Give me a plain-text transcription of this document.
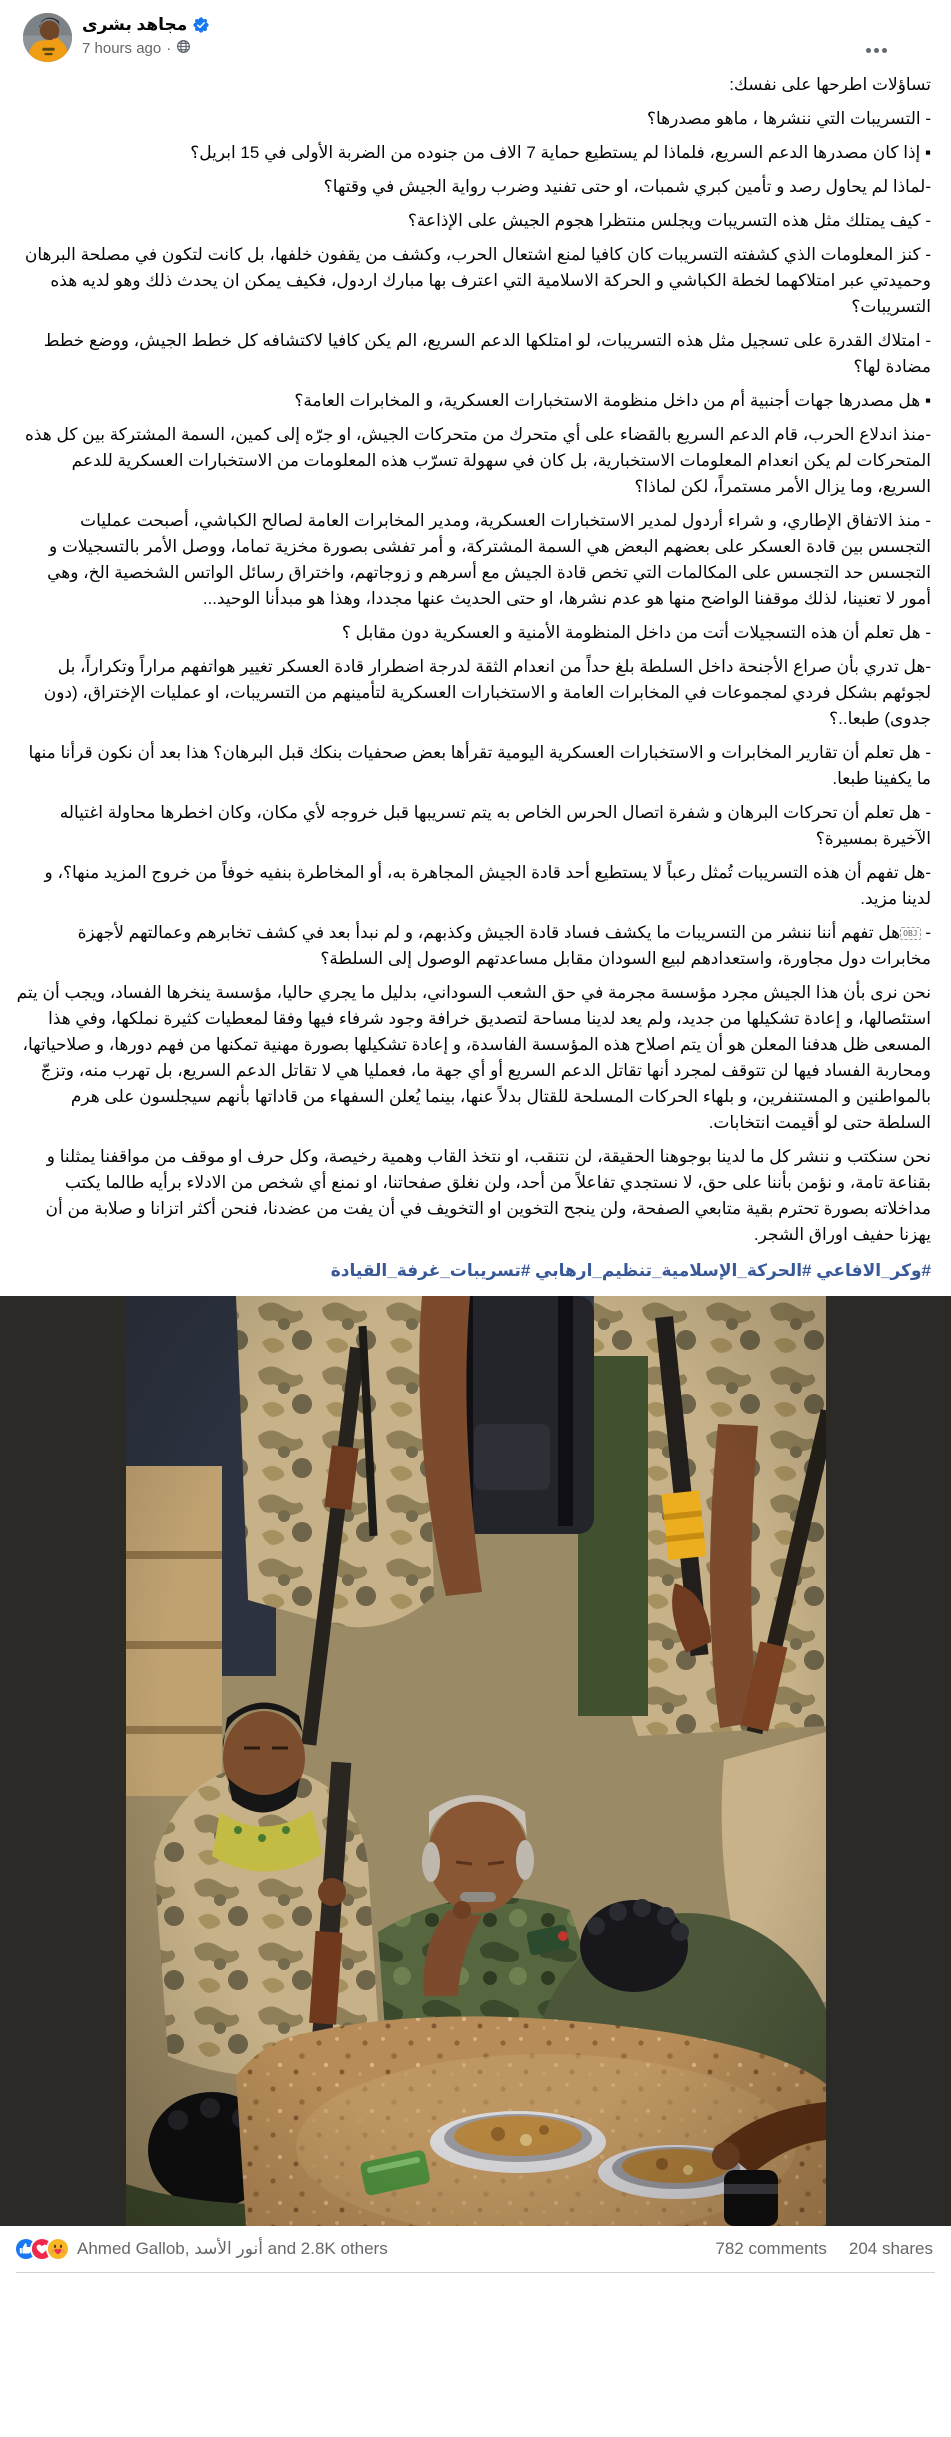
مجاهد بشرى
7 hours ago ·

تساؤلات اطرحها على نفسك:

- التسريبات التي ننشرها ، ماهو مصدرها؟

▪ إذا كان مصدرها الدعم السريع، فلماذا لم يستطيع حماية 7 الاف من جنوده من الضربة الأولى في 15 ابريل؟

-لماذا لم يحاول رصد و تأمين كبري شمبات، او حتى تفنيد وضرب رواية الجيش في وقتها؟

- كيف يمتلك مثل هذه التسريبات ويجلس منتظرا هجوم الجيش على الإذاعة؟

- كنز المعلومات الذي كشفته التسريبات كان كافيا لمنع اشتعال الحرب، وكشف من يقفون خلفها، بل كانت لتكون في مصلحة البرهان وحميدتي عبر امتلاكهما لخطة الكباشي و الحركة الاسلامية التي اعترف بها مبارك اردول، فكيف يمكن ان يحدث ذلك وهو لديه هذه التسريبات؟

- امتلاك القدرة على تسجيل مثل هذه التسريبات، لو امتلكها الدعم السريع، الم يكن كافيا لاكتشافه كل خطط الجيش، ووضع خطط مضادة لها؟

▪ هل مصدرها جهات أجنبية أم من داخل منظومة الاستخبارات العسكرية، و المخابرات العامة؟

-منذ اندلاع الحرب، قام الدعم السريع بالقضاء على أي متحرك من متحركات الجيش، او جرّه إلى كمين، السمة المشتركة بين كل هذه المتحركات لم يكن انعدام المعلومات الاستخبارية، بل كان في سهولة تسرّب هذه المعلومات من الاستخبارات العسكرية للدعم السريع، وما يزال الأمر مستمراً، لكن لماذا؟

- منذ الاتفاق الإطاري، و شراء أردول لمدير الاستخبارات العسكرية، ومدير المخابرات العامة لصالح الكباشي، أصبحت عمليات التجسس بين قادة العسكر على بعضهم البعض هي السمة المشتركة، و أمر تفشى بصورة مخزية تماما، ووصل الأمر بالتسجيلات و التجسس حد التجسس على المكالمات التي تخص قادة الجيش مع أسرهم و زوجاتهم، واختراق رسائل الواتس الشخصية الخ، وهي أمور لا تعنينا، لذلك موقفنا الواضح منها هو عدم نشرها، او حتى الحديث عنها مجددا، وهذا هو مبدأنا الوحيد...

- هل تعلم أن هذه التسجيلات أتت من داخل المنظومة الأمنية و العسكرية دون مقابل ؟

-هل تدري بأن صراع الأجنحة داخل السلطة بلغ حداً من انعدام الثقة لدرجة اضطرار قادة العسكر تغيير هواتفهم مراراً وتكراراً، بل لجوئهم بشكل فردي لمجموعات في المخابرات العامة و الاستخبارات العسكرية لتأمينهم من التسريبات، او عمليات الإختراق، (دون جدوى) طبعا..؟

- هل تعلم أن تقارير المخابرات و الاستخبارات العسكرية اليومية تقرأها بعض صحفيات بنكك قبل البرهان؟ هذا بعد أن نكون قرأنا منها ما يكفينا طبعا.

- هل تعلم أن تحركات البرهان و شفرة اتصال الحرس الخاص به يتم تسريبها قبل خروجه لأي مكان، وكان اخطرها محاولة اغتياله الآخيرة بمسيرة؟

-هل تفهم أن هذه التسريبات تُمثل رعباً لا يستطيع أحد قادة الجيش المجاهرة به، أو المخاطرة بنفيه خوفاً من خروج المزيد منها؟، و لدينا مزيد.

- OBJهل تفهم أننا ننشر من التسريبات ما يكشف فساد قادة الجيش وكذبهم، و لم نبدأ بعد في كشف تخابرهم وعمالتهم لأجهزة مخابرات دول مجاورة، واستعدادهم لبيع السودان مقابل مساعدتهم الوصول إلى السلطة؟

نحن نرى بأن هذا الجيش مجرد مؤسسة مجرمة في حق الشعب السوداني، بدليل ما يجري حاليا، مؤسسة ينخرها الفساد، ويجب أن يتم استئصالها، و إعادة تشكيلها من جديد، ولم يعد لدينا مساحة لتصديق خرافة وجود شرفاء فيها وفقا لمعطيات كثيرة نملكها، وفي هذا المسعى ظل هدفنا المعلن هو أن يتم اصلاح هذه المؤسسة الفاسدة، و إعادة تشكيلها بصورة مهنية تمكنها من فهم دورها، و صلاحياتها، ومحاربة الفساد فيها لن تتوقف لمجرد أنها تقاتل الدعم السريع أو أي جهة ما، فعمليا هي لا تقاتل الدعم السريع، بل تهرب منه، وتزجّ بالمواطنين و المستنفرين، و بلهاء الحركات المسلحة للقتال بدلاً عنها، بينما يُعلن السفهاء من قاداتها بأنهم سيجلسون على هرم السلطة حتى لو أقيمت انتخابات.

نحن سنكتب و ننشر كل ما لدينا بوجوهنا الحقيقة، لن نتنقب، او نتخذ القاب وهمية رخيصة، وكل حرف او موقف من مواقفنا يمثلنا و بقناعة تامة، و نؤمن بأننا على حق، لا نستجدي تفاعلاً من أحد، ولن نغلق صفحاتنا، او نمنع أي شخص من الادلاء برأيه طالما يكتب مداخلاته بصورة تحترم بقية متابعي الصفحة، ولن ينجح التخوين او التخويف في أن يفت من عضدنا، فنحن أكثر اتزانا و صلابة من أن يهزنا حفيف اوراق الشجر.

#وكر_الافاعي #الحركة_الإسلامية_تنظيم_ارهابي #تسريبات_غرفة_القيادة
Ahmed Gallob, أنور الأسد and 2.8K others	782 comments 204 shares
